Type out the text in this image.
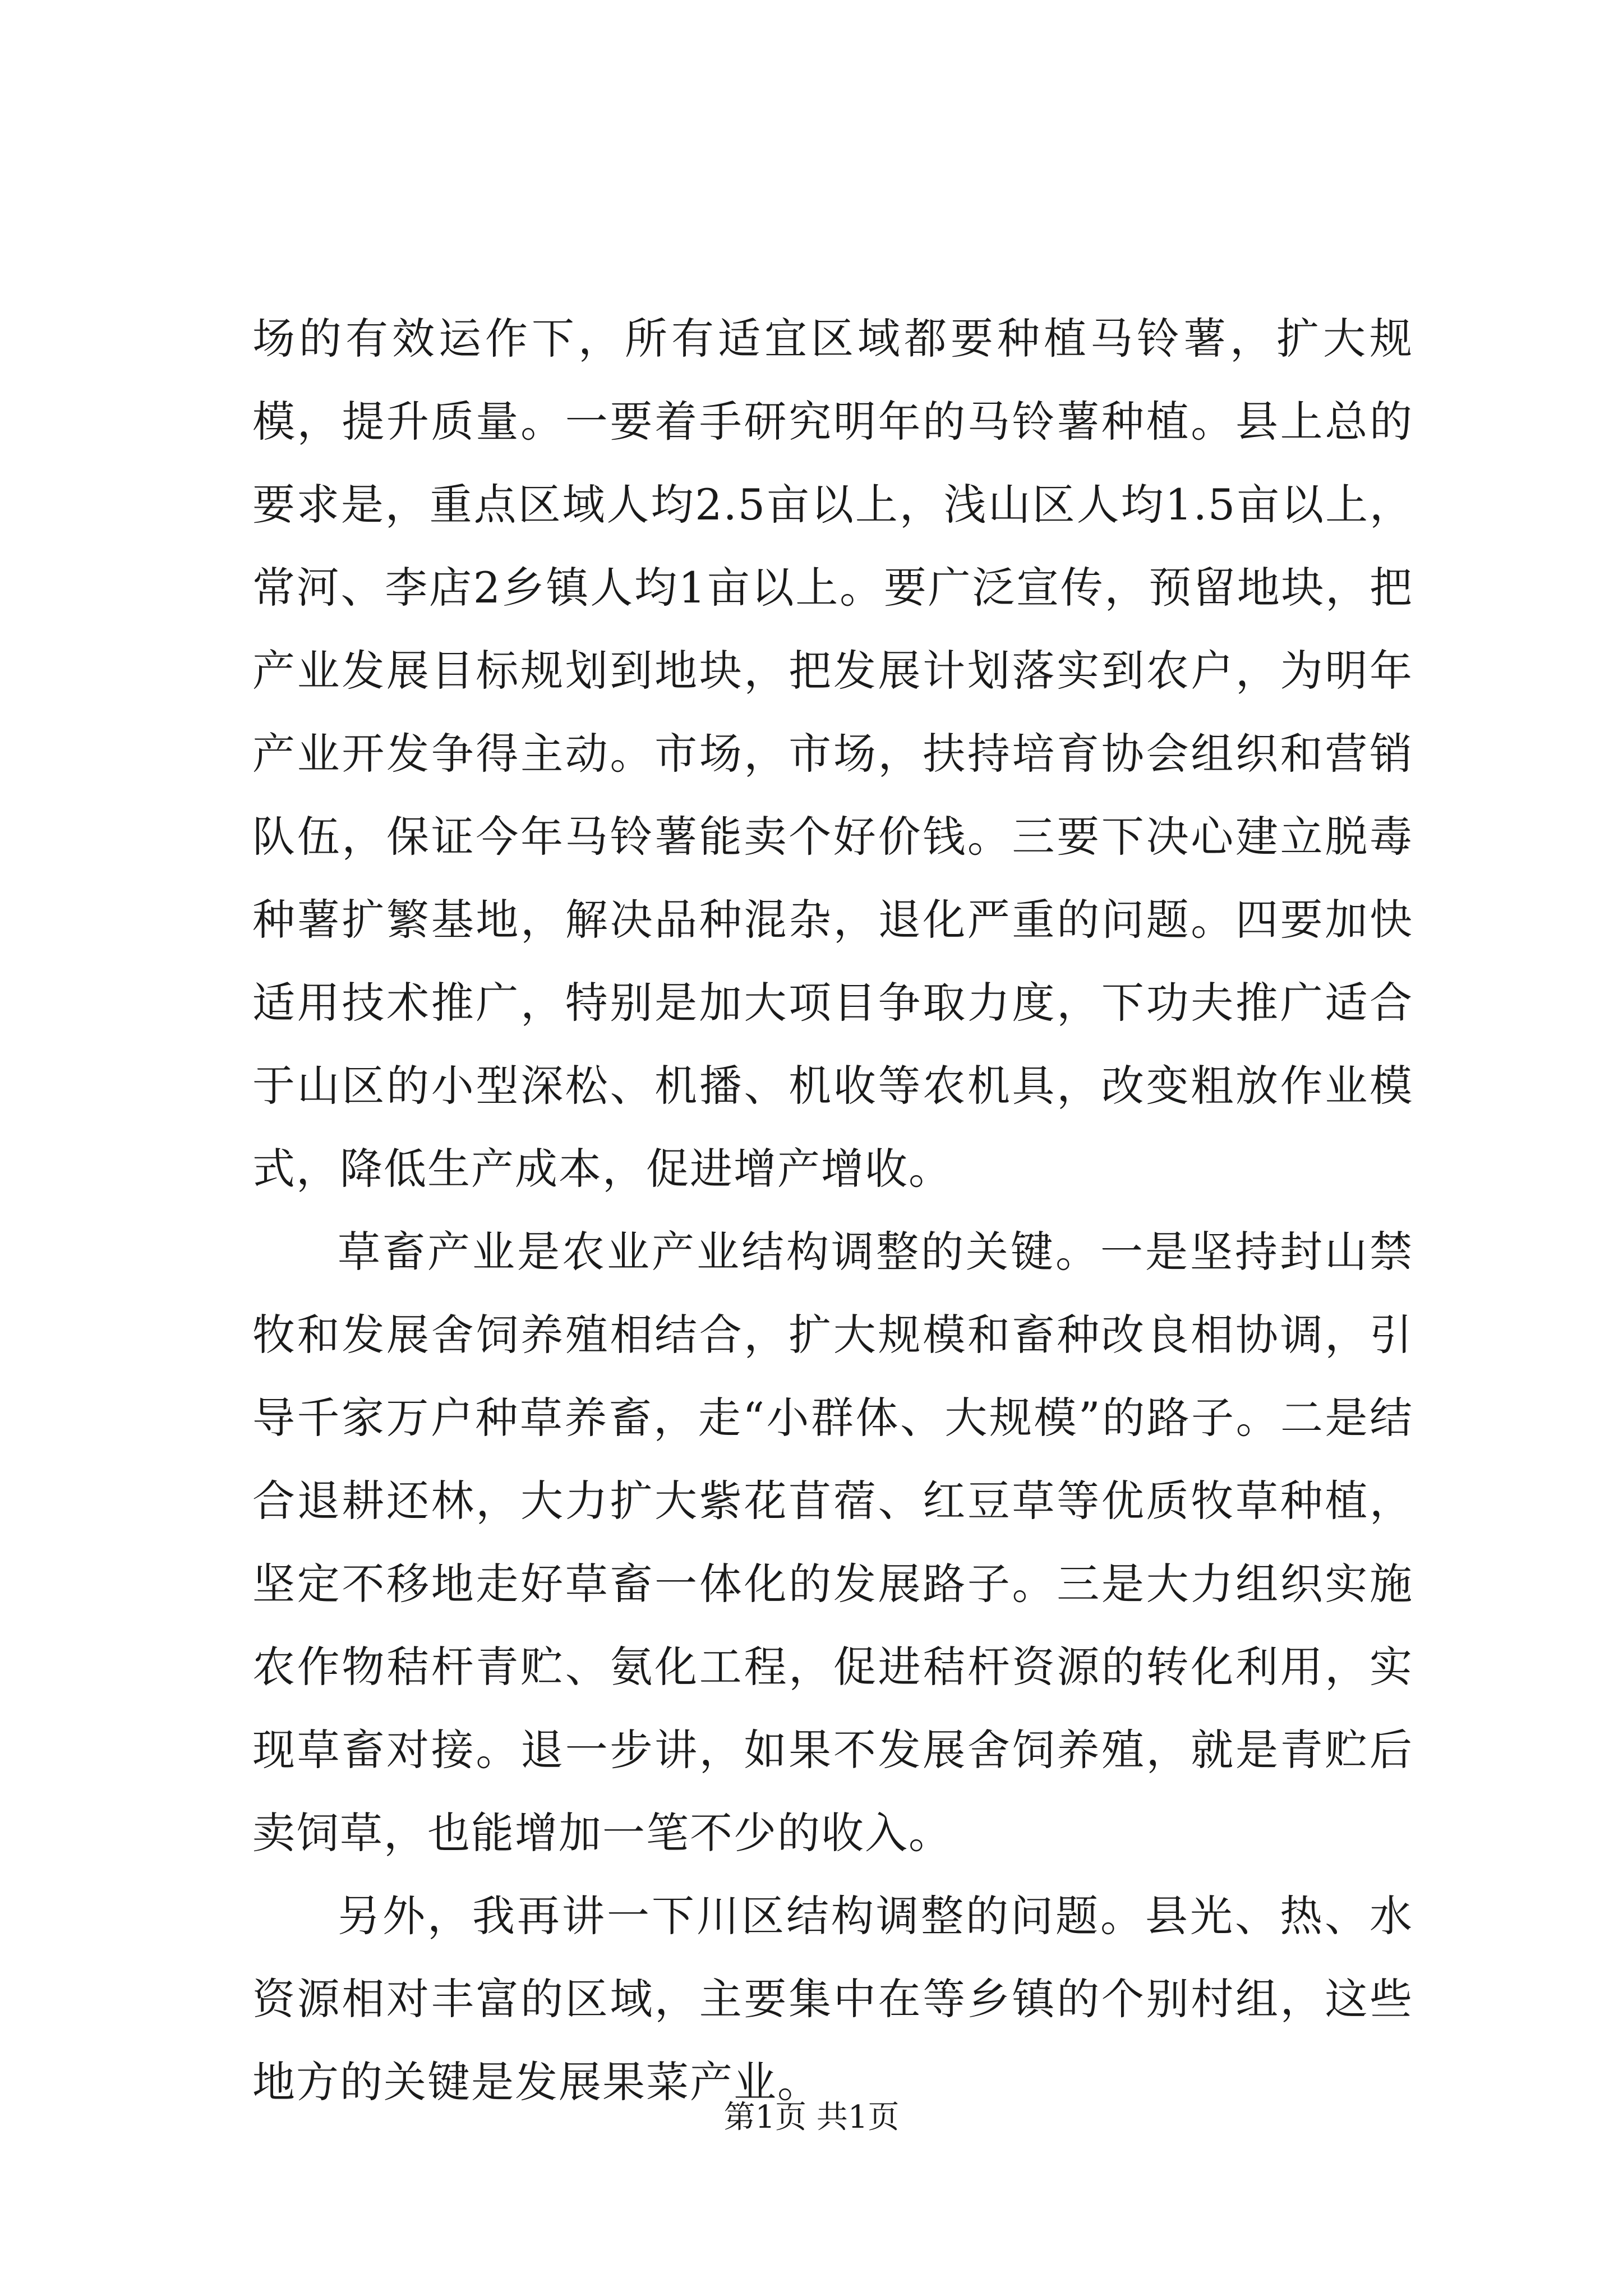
场的有效运作下，所有适宜区域都要种植马铃薯，扩大规模，提升质量。一要着手研究明年的马铃薯种植。县上总的要求是，重点区域人均2.5亩以上，浅山区人均1.5亩以上，常河、李店2乡镇人均1亩以上。要广泛宣传，预留地块，把产业发展目标规划到地块，把发展计划落实到农户，为明年产业开发争得主动。市场，市场，扶持培育协会组织和营销队伍，保证今年马铃薯能卖个好价钱。三要下决心建立脱毒种薯扩繁基地，解决品种混杂，退化严重的问题。四要加快适用技术推广，特别是加大项目争取力度，下功夫推广适合于山区的小型深松、机播、机收等农机具，改变粗放作业模式，降低生产成本，促进增产增收。

草畜产业是农业产业结构调整的关键。一是坚持封山禁牧和发展舍饲养殖相结合，扩大规模和畜种改良相协调，引导千家万户种草养畜，走“小群体、大规模”的路子。二是结合退耕还林，大力扩大紫花苜蓿、红豆草等优质牧草种植，坚定不移地走好草畜一体化的发展路子。三是大力组织实施农作物秸杆青贮、氨化工程，促进秸杆资源的转化利用，实现草畜对接。退一步讲，如果不发展舍饲养殖，就是青贮后卖饲草，也能增加一笔不少的收入。

另外，我再讲一下川区结构调整的问题。县光、热、水资源相对丰富的区域，主要集中在等乡镇的个别村组，这些地方的关键是发展果菜产业。

第1页 共1页
